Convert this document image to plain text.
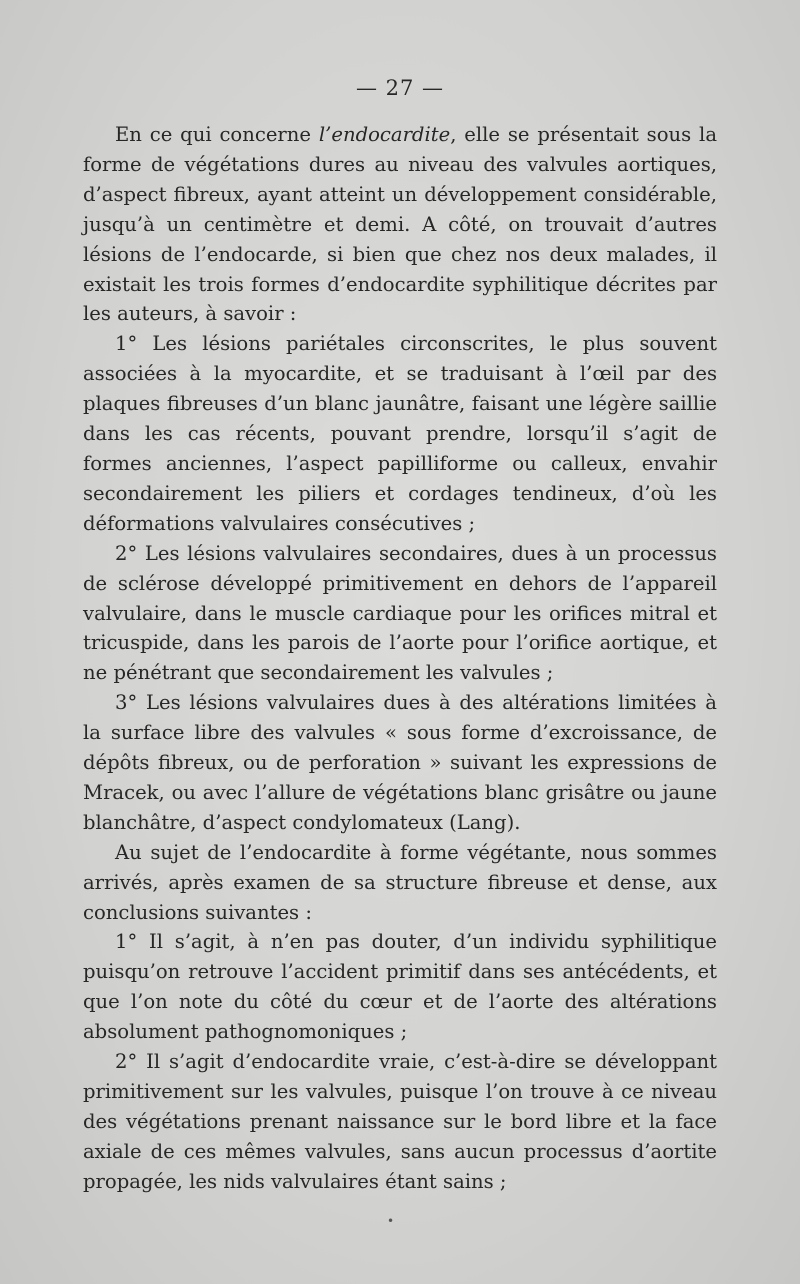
— 27 —

En ce qui concerne l’endocardite, elle se présentait sous la forme de végétations dures au niveau des valvules aortiques, d’aspect fibreux, ayant atteint un développement considérable, jusqu’à un centimètre et demi. A côté, on trouvait d’autres lésions de l’endocarde, si bien que chez nos deux malades, il existait les trois formes d’endocardite syphilitique décrites par les auteurs, à savoir :

1° Les lésions pariétales circonscrites, le plus souvent associées à la myocardite, et se traduisant à l’œil par des plaques fibreuses d’un blanc jaunâtre, faisant une légère saillie dans les cas récents, pouvant prendre, lorsqu’il s’agit de formes anciennes, l’aspect papilliforme ou calleux, envahir secondairement les piliers et cordages tendineux, d’où les déformations valvulaires consécutives ;

2° Les lésions valvulaires secondaires, dues à un processus de sclérose développé primitivement en dehors de l’appareil valvulaire, dans le muscle cardiaque pour les orifices mitral et tricuspide, dans les parois de l’aorte pour l’orifice aortique, et ne pénétrant que secondairement les valvules ;

3° Les lésions valvulaires dues à des altérations limitées à la surface libre des valvules « sous forme d’excroissance, de dépôts fibreux, ou de perforation » suivant les expressions de Mracek, ou avec l’allure de végétations blanc grisâtre ou jaune blanchâtre, d’aspect condylomateux (Lang).

Au sujet de l’endocardite à forme végétante, nous sommes arrivés, après examen de sa structure fibreuse et dense, aux conclusions suivantes :

1° Il s’agit, à n’en pas douter, d’un individu syphilitique puisqu’on retrouve l’accident primitif dans ses antécédents, et que l’on note du côté du cœur et de l’aorte des altérations absolument pathognomoniques ;

2° Il s’agit d’endocardite vraie, c’est-à-dire se développant primitivement sur les valvules, puisque l’on trouve à ce niveau des végétations prenant naissance sur le bord libre et la face axiale de ces mêmes valvules, sans aucun processus d’aortite propagée, les nids valvulaires étant sains ;

•
